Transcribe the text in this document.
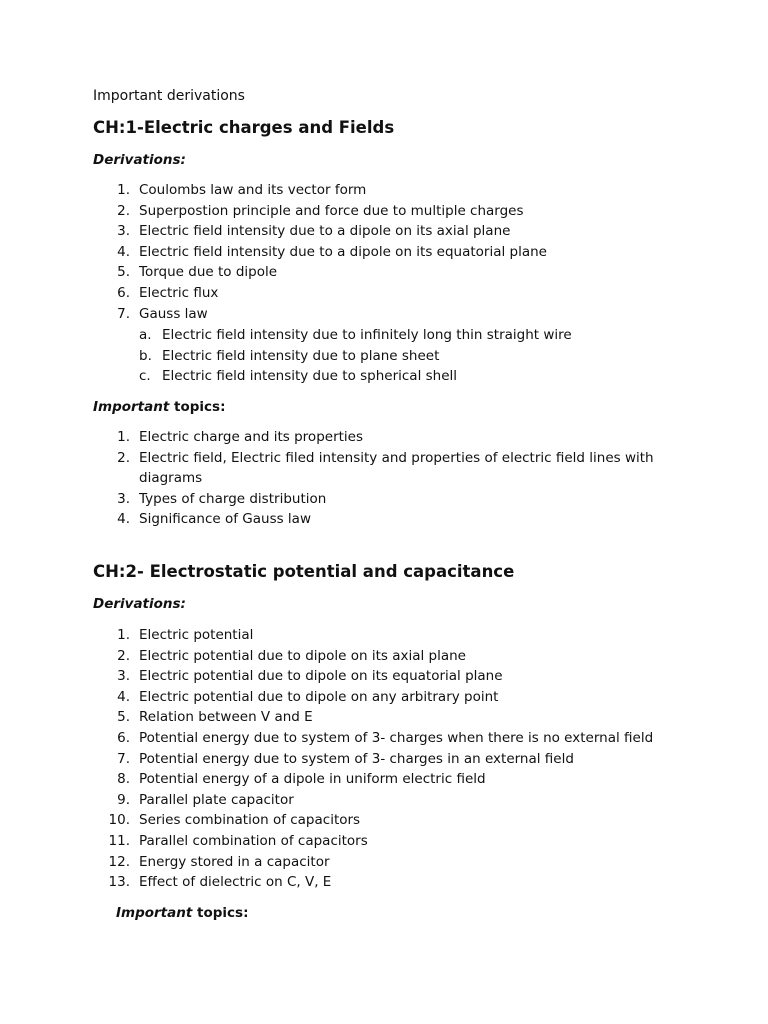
Important derivations

CH:1-Electric charges and Fields

Derivations:

1. Coulombs law and its vector form
2. Superpostion principle and force due to multiple charges
3. Electric field intensity due to a dipole on its axial plane
4. Electric field intensity due to a dipole on its equatorial plane
5. Torque due to dipole
6. Electric flux
7. Gauss law
a. Electric field intensity due to infinitely long thin straight wire
b. Electric field intensity due to plane sheet
c. Electric field intensity due to spherical shell

Important topics:

1. Electric charge and its properties
2. Electric field, Electric filed intensity and properties of electric field lines with diagrams
3. Types of charge distribution
4. Significance of Gauss law
CH:2- Electrostatic potential and capacitance

Derivations:

1. Electric potential
2. Electric potential due to dipole on its axial plane
3. Electric potential due to dipole on its equatorial plane
4. Electric potential due to dipole on any arbitrary point
5. Relation between V and E
6. Potential energy due to system of 3- charges when there is no external field
7. Potential energy due to system of 3- charges in an external field
8. Potential energy of a dipole in uniform electric field
9. Parallel plate capacitor
10. Series combination of capacitors
11. Parallel combination of capacitors
12. Energy stored in a capacitor
13. Effect of dielectric on C, V, E

Important topics:
